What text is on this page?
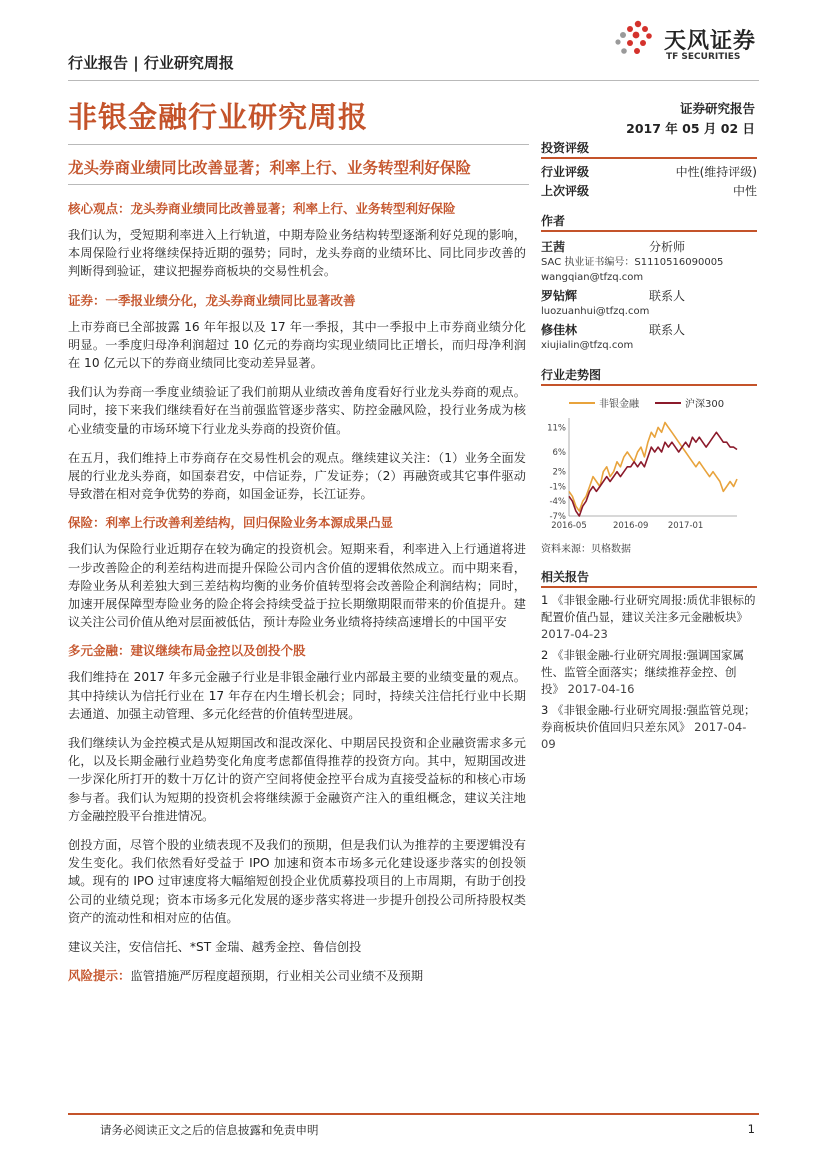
行业报告 | 行业研究周报
天风证券
TF SECURITIES
非银金融行业研究周报	证券研究报告
2017 年 05 月 02 日
龙头券商业绩同比改善显著；利率上行、业务转型利好保险
核心观点：龙头券商业绩同比改善显著；利率上行、业务转型利好保险
我们认为，受短期利率进入上行轨道，中期寿险业务结构转型逐渐利好兑现的影响，本周保险行业将继续保持近期的强势；同时，龙头券商的业绩环比、同比同步改善的判断得到验证，建议把握券商板块的交易性机会。
证券：一季报业绩分化，龙头券商业绩同比显著改善
上市券商已全部披露 16 年年报以及 17 年一季报，其中一季报中上市券商业绩分化明显。一季度归母净利润超过 10 亿元的券商均实现业绩同比正增长，而归母净利润在 10 亿元以下的券商业绩同比变动差异显著。
我们认为券商一季度业绩验证了我们前期从业绩改善角度看好行业龙头券商的观点。同时，接下来我们继续看好在当前强监管逐步落实、防控金融风险，投行业务成为核心业绩变量的市场环境下行业龙头券商的投资价值。
在五月，我们维持上市券商存在交易性机会的观点。继续建议关注：（1）业务全面发展的行业龙头券商，如国泰君安，中信证券，广发证券；（2）再融资或其它事件驱动导致潜在相对竞争优势的券商，如国金证券，长江证券。
保险：利率上行改善利差结构，回归保险业务本源成果凸显
我们认为保险行业近期存在较为确定的投资机会。短期来看，利率进入上行通道将进一步改善险企的利差结构进而提升保险公司内含价值的逻辑依然成立。而中期来看，寿险业务从利差独大到三差结构均衡的业务价值转型将会改善险企利润结构；同时，加速开展保障型寿险业务的险企将会持续受益于拉长期缴期限而带来的价值提升。建议关注公司价值从绝对层面被低估，预计寿险业务业绩将持续高速增长的中国平安
多元金融：建议继续布局金控以及创投个股
我们维持在 2017 年多元金融子行业是非银金融行业内部最主要的业绩变量的观点。其中持续认为信托行业在 17 年存在内生增长机会；同时，持续关注信托行业中长期去通道、加强主动管理、多元化经营的价值转型进展。
我们继续认为金控模式是从短期国改和混改深化、中期居民投资和企业融资需求多元化，以及长期金融行业趋势变化角度考虑都值得推荐的投资方向。其中，短期国改进一步深化所打开的数十万亿计的资产空间将使金控平台成为直接受益标的和核心市场参与者。我们认为短期的投资机会将继续源于金融资产注入的重组概念，建议关注地方金融控股平台推进情况。
创投方面，尽管个股的业绩表现不及我们的预期，但是我们认为推荐的主要逻辑没有发生变化。我们依然看好受益于 IPO 加速和资本市场多元化建设逐步落实的创投领域。现有的 IPO 过审速度将大幅缩短创投企业优质募投项目的上市周期，有助于创投公司的业绩兑现；资本市场多元化发展的逐步落实将进一步提升创投公司所持股权类资产的流动性和相对应的估值。
建议关注，安信信托、*ST 金瑞、越秀金控、鲁信创投
风险提示：监管措施严厉程度超预期，行业相关公司业绩不及预期
投资评级
行业评级	中性(维持评级)
上次评级	中性
作者
王茜	分析师
SAC 执业证书编号：S1110516090005
wangqian@tfzq.com
罗钻辉	联系人
luozuanhui@tfzq.com
修佳林	联系人
xiujialin@tfzq.com
行业走势图
非银金融	沪深300
11%
6%
2%
-1%
-4%
-7%
2016-05	2016-09 2017-01
资料来源：贝格数据
相关报告
1 《非银金融-行业研究周报:质优非银标的配置价值凸显，建议关注多元金融板块》 2017-04-23
2 《非银金融-行业研究周报:强调国家属性、监管全面落实；继续推荐金控、创投》 2017-04-16
3 《非银金融-行业研究周报:强监管兑现；券商板块价值回归只差东风》 2017-04-09
请务必阅读正文之后的信息披露和免责申明	1
